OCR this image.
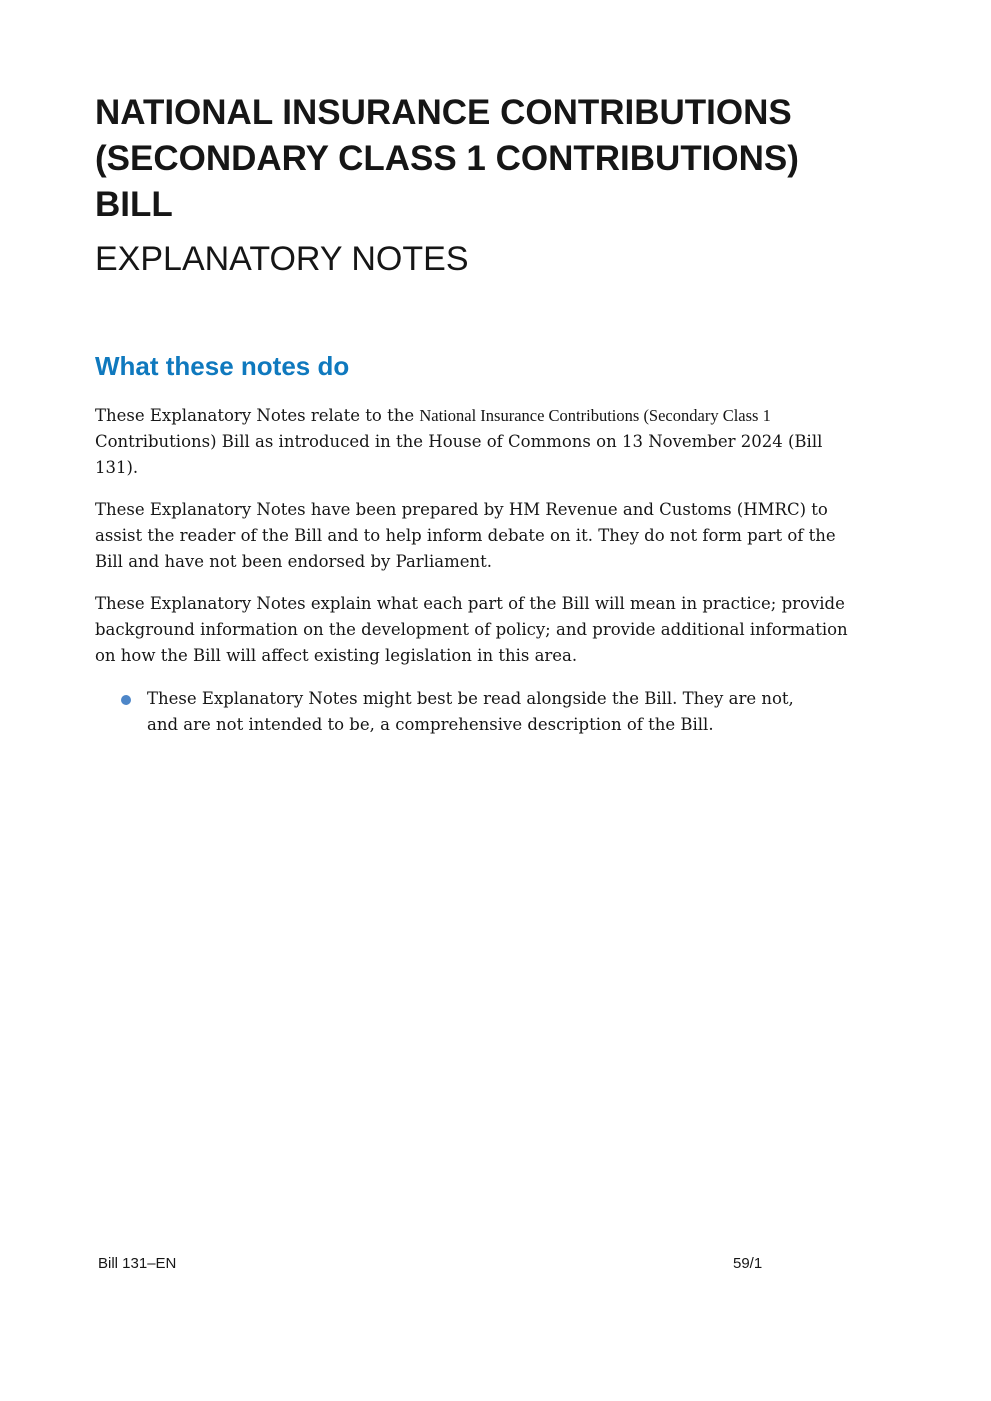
NATIONAL INSURANCE CONTRIBUTIONS
(SECONDARY CLASS 1 CONTRIBUTIONS)
BILL
EXPLANATORY NOTES
What these notes do

These Explanatory Notes relate to the National Insurance Contributions (Secondary Class 1 Contributions) Bill as introduced in the House of Commons on 13 November 2024 (Bill 131).

These Explanatory Notes have been prepared by HM Revenue and Customs (HMRC) to assist the reader of the Bill and to help inform debate on it. They do not form part of the Bill and have not been endorsed by Parliament.

These Explanatory Notes explain what each part of the Bill will mean in practice; provide background information on the development of policy; and provide additional information on how the Bill will affect existing legislation in this area.

These Explanatory Notes might best be read alongside the Bill. They are not, and are not intended to be, a comprehensive description of the Bill.
Bill 131–EN	59/1
